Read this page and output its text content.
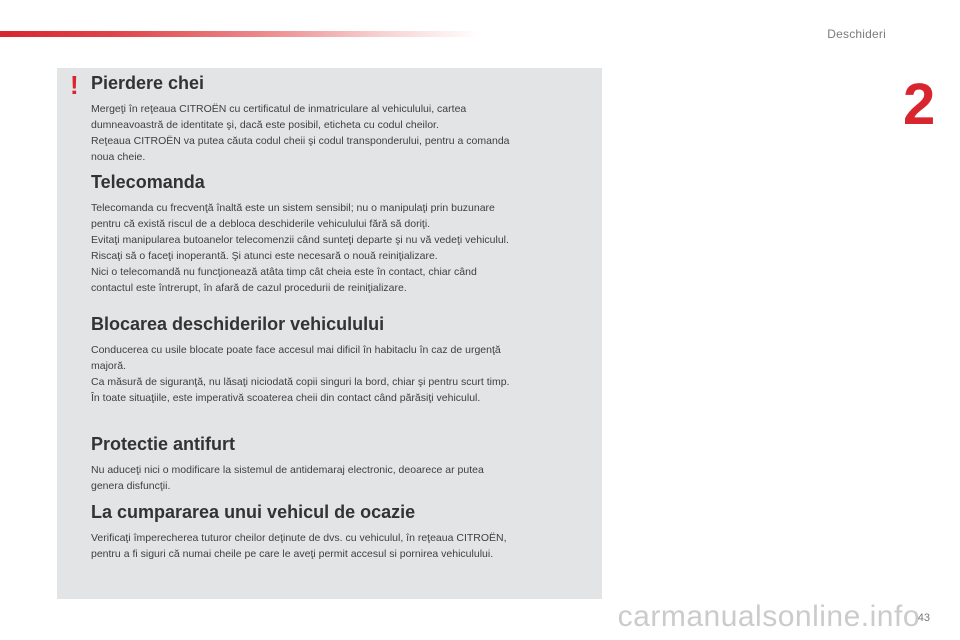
Deschideri
2
! Pierdere chei

Mergeţi în reţeaua CITROËN cu certificatul de inmatriculare al vehiculului, cartea
dumneavoastră de identitate şi, dacă este posibil, eticheta cu codul cheilor.
Reţeaua CITROËN va putea căuta codul cheii şi codul transponderului, pentru a comanda
noua cheie.

Telecomanda

Telecomanda cu frecvenţă înaltă este un sistem sensibil; nu o manipulaţi prin buzunare
pentru că există riscul de a debloca deschiderile vehiculului fără să doriţi.
Evitaţi manipularea butoanelor telecomenzii când sunteţi departe şi nu vă vedeţi vehiculul.
Riscaţi să o faceţi inoperantă. Şi atunci este necesară o nouă reiniţializare.
Nici o telecomandă nu funcţionează atâta timp cât cheia este în contact, chiar când
contactul este întrerupt, în afară de cazul procedurii de reiniţializare.

Blocarea deschiderilor vehiculului

Conducerea cu usile blocate poate face accesul mai dificil în habitaclu în caz de urgenţă
majoră.
Ca măsură de siguranţă, nu lăsaţi niciodată copii singuri la bord, chiar şi pentru scurt timp.
În toate situaţiile, este imperativă scoaterea cheii din contact când părăsiţi vehiculul.

Protectie antifurt

Nu aduceţi nici o modificare la sistemul de antidemaraj electronic, deoarece ar putea
genera disfuncţii.

La cumpararea unui vehicul de ocazie

Verificaţi împerecherea tuturor cheilor deţinute de dvs. cu vehiculul, în reţeaua CITROËN,
pentru a fi siguri că numai cheile pe care le aveţi permit accesul si pornirea vehiculului.

43
carmanualsonline.info
